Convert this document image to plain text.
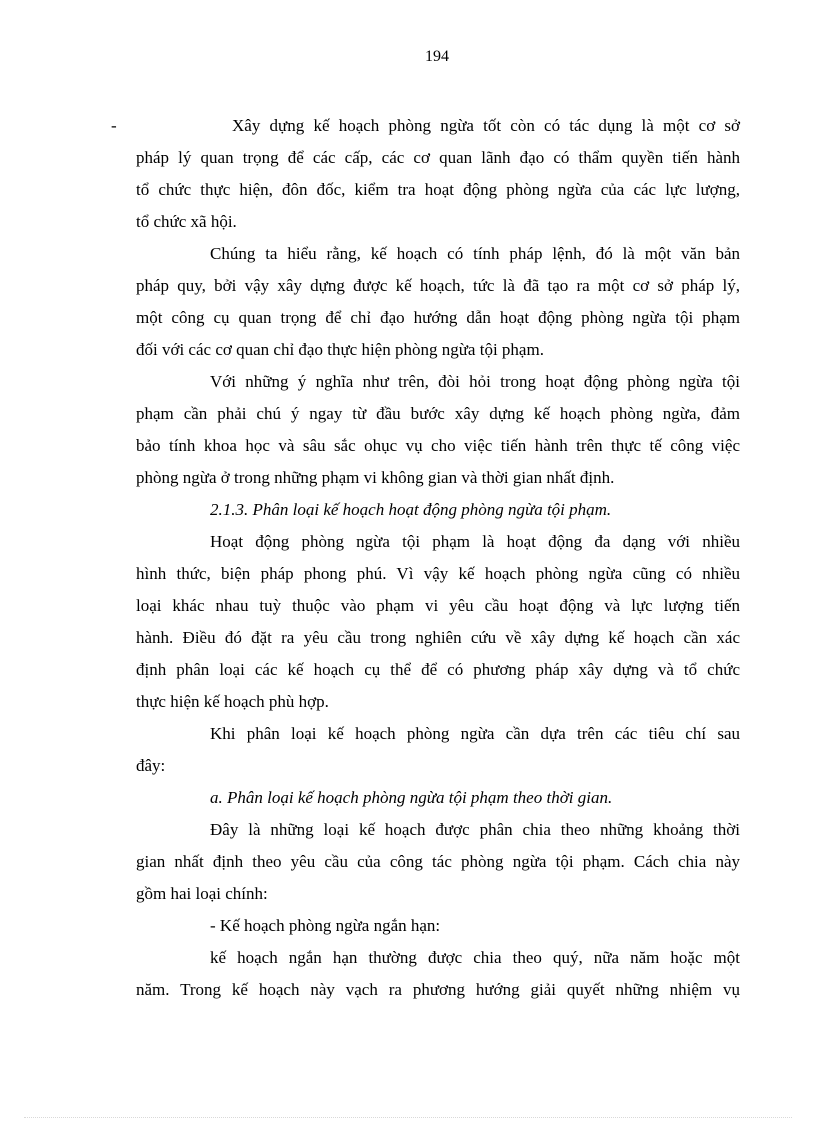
194
-	Xây dựng kế hoạch phòng ngừa tốt còn có tác dụng là một cơ sở
pháp lý quan trọng để các cấp, các cơ quan lãnh đạo có thẩm quyền tiến hành
tổ chức thực hiện, đôn đốc, kiểm tra hoạt động phòng ngừa của các lực lượng,
tổ chức xã hội.
Chúng ta hiểu rằng, kế hoạch có tính pháp lệnh, đó là một văn bản
pháp quy, bởi vậy xây dựng được kế hoạch, tức là đã tạo ra một cơ sở pháp lý,
một công cụ quan trọng để chỉ đạo hướng dẫn hoạt động phòng ngừa tội phạm
đối với các cơ quan chỉ đạo thực hiện phòng ngừa tội phạm.
Với những ý nghĩa như trên, đòi hỏi trong hoạt động phòng ngừa tội
phạm cần phải chú ý ngay từ đầu bước xây dựng kế hoạch phòng ngừa, đảm
bảo tính khoa học và sâu sắc ohục vụ cho việc tiến hành trên thực tế công việc
phòng ngừa ở trong những phạm vi không gian và thời gian nhất định.
2.1.3. Phân loại kế hoạch hoạt động phòng ngừa tội phạm.
Hoạt động phòng ngừa tội phạm là hoạt động đa dạng với nhiều
hình thức, biện pháp phong phú. Vì vậy kế hoạch phòng ngừa cũng có nhiều
loại khác nhau tuỳ thuộc vào phạm vi yêu cầu hoạt động và lực lượng tiến
hành. Điều đó đặt ra yêu cầu trong nghiên cứu về xây dựng kế hoạch cần xác
định phân loại các kế hoạch cụ thể để có phương pháp xây dựng và tổ chức
thực hiện kế hoạch phù hợp.
Khi phân loại kế hoạch phòng ngừa cần dựa trên các tiêu chí sau
đây:
a. Phân loại kế hoạch phòng ngừa tội phạm theo thời gian.
Đây là những loại kế hoạch được phân chia theo những khoảng thời
gian nhất định theo yêu cầu của công tác phòng ngừa tội phạm. Cách chia này
gồm hai loại chính:
- Kế hoạch phòng ngừa ngắn hạn:
kế hoạch ngắn hạn thường được chia theo quý, nữa năm hoặc một
năm. Trong kế hoạch này vạch ra phương hướng giải quyết những nhiệm vụ
